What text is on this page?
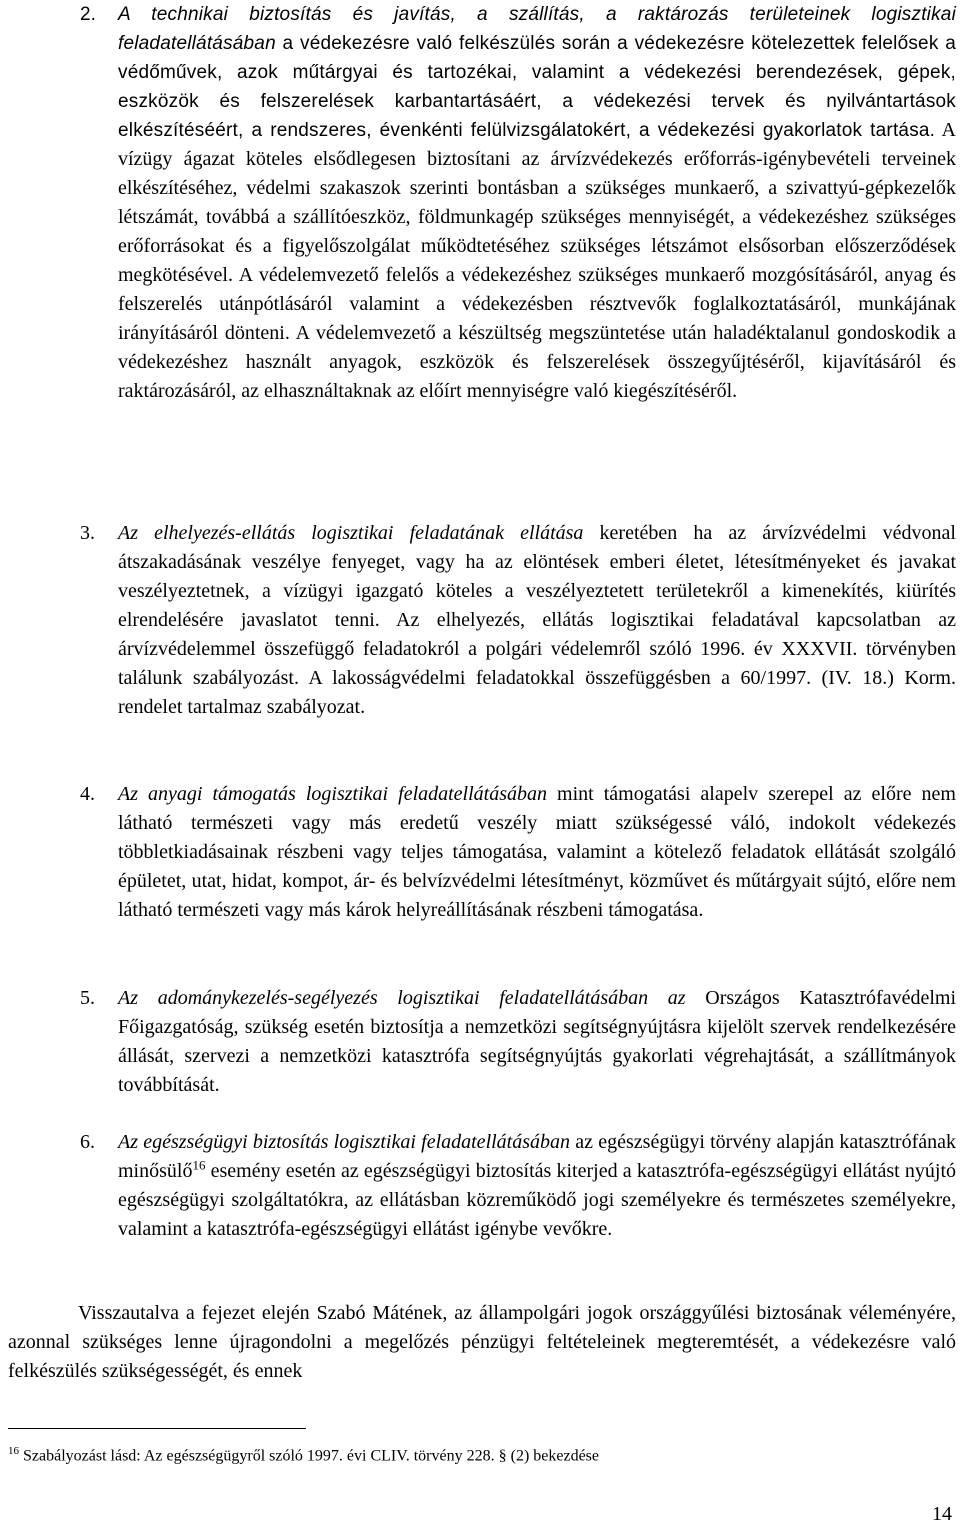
2. A technikai biztosítás és javítás, a szállítás, a raktározás területeinek logisztikai feladatellátásában a védekezésre való felkészülés során a védekezésre kötelezettek felelősek a védőművek, azok műtárgyai és tartozékai, valamint a védekezési berendezések, gépek, eszközök és felszerelések karbantartásáért, a védekezési tervek és nyilvántartások elkészítéséért, a rendszeres, évenkénti felülvizsgálatokért, a védekezési gyakorlatok tartása. A vízügy ágazat köteles elsődlegesen biztosítani az árvízvédekezés erőforrás-igénybevételi terveinek elkészítéséhez, védelmi szakaszok szerinti bontásban a szükséges munkaerő, a szivattyú-gépkezelők létszámát, továbbá a szállítóeszköz, földmunkagép szükséges mennyiségét, a védekezéshez szükséges erőforrásokat és a figyelőszolgálat működtetéséhez szükséges létszámot elsősorban előszerződések megkötésével. A védelemvezető felelős a védekezéshez szükséges munkaerő mozgósításáról, anyag és felszerelés utánpótlásáról valamint a védekezésben résztvevők foglalkoztatásáról, munkájának irányításáról dönteni. A védelemvezető a készültség megszüntetése után haladéktalanul gondoskodik a védekezéshez használt anyagok, eszközök és felszerelések összegyűjtéséről, kijavításáról és raktározásáról, az elhasználtaknak az előírt mennyiségre való kiegészítéséről.
3. Az elhelyezés-ellátás logisztikai feladatának ellátása keretében ha az árvízvédelmi védvonal átszakadásának veszélye fenyeget, vagy ha az elöntések emberi életet, létesítményeket és javakat veszélyeztetnek, a vízügyi igazgató köteles a veszélyeztetett területekről a kimenekítés, kiürítés elrendelésére javaslatot tenni. Az elhelyezés, ellátás logisztikai feladatával kapcsolatban az árvízvédelemmel összefüggő feladatokról a polgári védelemről szóló 1996. év XXXVII. törvényben találunk szabályozást. A lakosságvédelmi feladatokkal összefüggésben a 60/1997. (IV. 18.) Korm. rendelet tartalmaz szabályozat.
4. Az anyagi támogatás logisztikai feladatellátásában mint támogatási alapelv szerepel az előre nem látható természeti vagy más eredetű veszély miatt szükségessé váló, indokolt védekezés többletkiadásainak részbeni vagy teljes támogatása, valamint a kötelező feladatok ellátását szolgáló épületet, utat, hidat, kompot, ár- és belvízvédelmi létesítményt, közművet és műtárgyait sújtó, előre nem látható természeti vagy más károk helyreállításának részbeni támogatása.
5. Az adománykezelés-segélyezés logisztikai feladatellátásában az Országos Katasztrófavédelmi Főigazgatóság, szükség esetén biztosítja a nemzetközi segítségnyújtásra kijelölt szervek rendelkezésére állását, szervezi a nemzetközi katasztrófa segítségnyújtás gyakorlati végrehajtását, a szállítmányok továbbítását.
6. Az egészségügyi biztosítás logisztikai feladatellátásában az egészségügyi törvény alapján katasztrófának minősülő$^{16}$ esemény esetén az egészségügyi biztosítás kiterjed a katasztrófa-egészségügyi ellátást nyújtó egészségügyi szolgáltatókra, az ellátásban közreműködő jogi személyekre és természetes személyekre, valamint a katasztrófa-egészségügyi ellátást igénybe vevőkre.
Visszautalva a fejezet elején Szabó Mátének, az állampolgári jogok országgyűlési biztosának véleményére, azonnal szükséges lenne újragondolni a megelőzés pénzügyi feltételeinek megteremtését, a védekezésre való felkészülés szükségességét, és ennek
$^{16}$ Szabályozást lásd: Az egészségügyről szóló 1997. évi CLIV. törvény 228. § (2) bekezdése
14
